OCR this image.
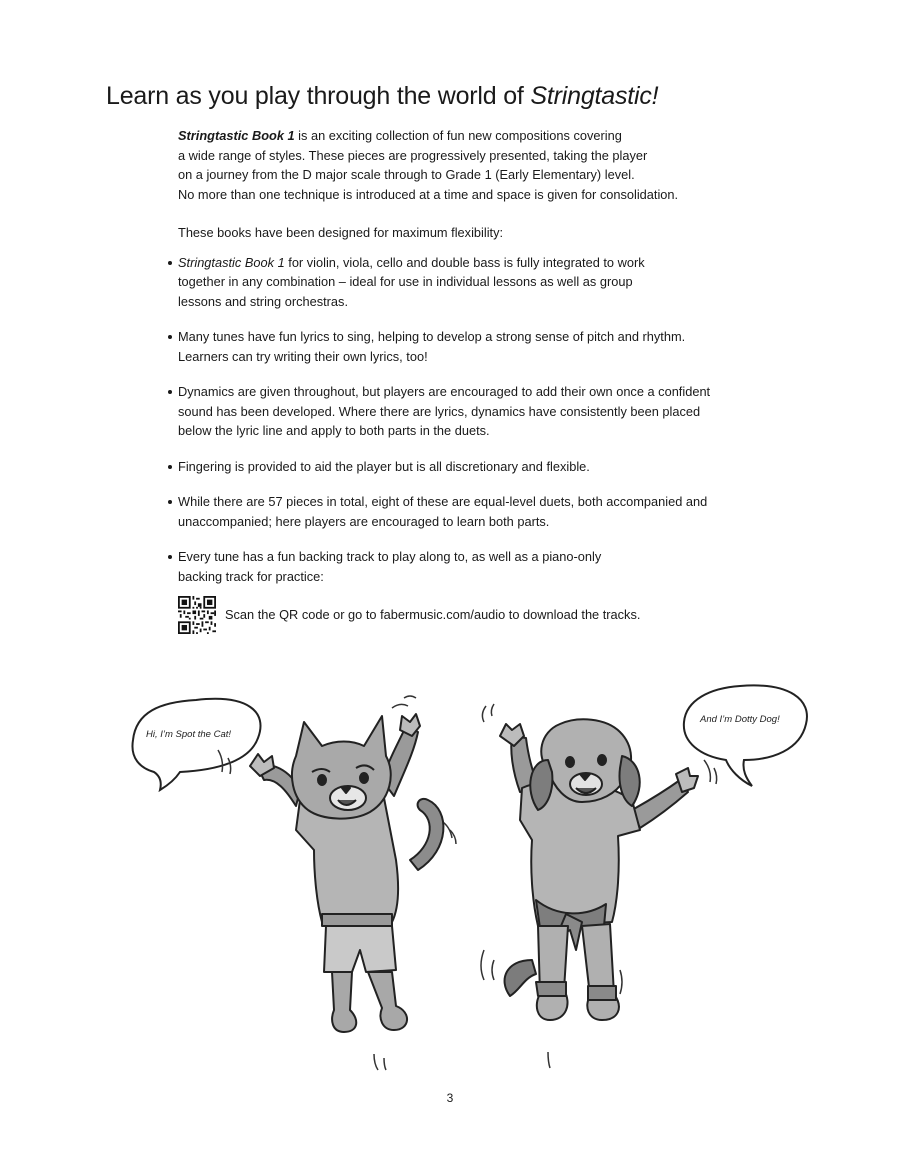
Learn as you play through the world of Stringtastic!

Stringtastic Book 1 is an exciting collection of fun new compositions covering
a wide range of styles. These pieces are progressively presented, taking the player
on a journey from the D major scale through to Grade 1 (Early Elementary) level.
No more than one technique is introduced at a time and space is given for consolidation.

These books have been designed for maximum flexibility:

Stringtastic Book 1 for violin, viola, cello and double bass is fully integrated to work together in any combination – ideal for use in individual lessons as well as group lessons and string orchestras.
Many tunes have fun lyrics to sing, helping to develop a strong sense of pitch and rhythm. Learners can try writing their own lyrics, too!
Dynamics are given throughout, but players are encouraged to add their own once a confident sound has been developed. Where there are lyrics, dynamics have consistently been placed below the lyric line and apply to both parts in the duets.
Fingering is provided to aid the player but is all discretionary and flexible.
While there are 57 pieces in total, eight of these are equal-level duets, both accompanied and unaccompanied; here players are encouraged to learn both parts.
Every tune has a fun backing track to play along to, as well as a piano-only backing track for practice:
Scan the QR code or go to fabermusic.com/audio to download the tracks.
Hi, I’m Spot the Cat!
And I’m Dotty Dog!
3
